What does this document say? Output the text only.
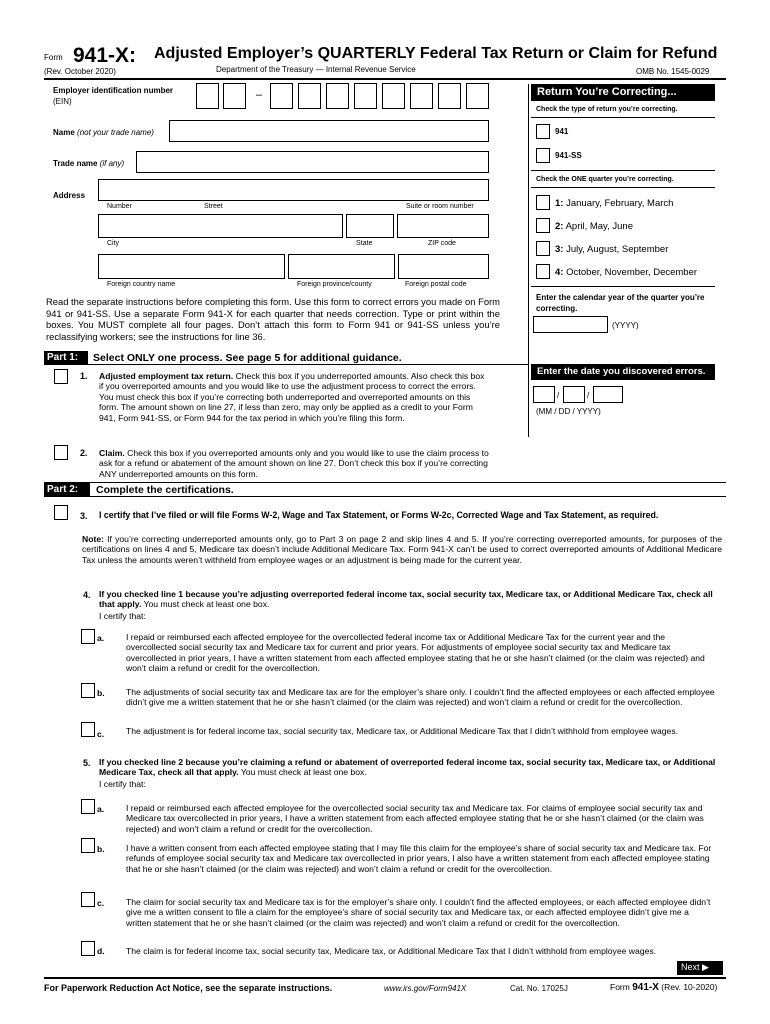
Form 941-X: Adjusted Employer’s QUARTERLY Federal Tax Return or Claim for Refund
(Rev. October 2020)	Department of the Treasury — Internal Revenue Service	OMB No. 1545-0029
Employer identification number
(EIN)
–
Name (not your trade name)
Trade name (if any)
Address
Number	Street	Suite or room number
City	State	ZIP code
Foreign country name	Foreign province/county	Foreign postal code
Read the separate instructions before completing this form. Use this form to correct errors you made on Form 941 or 941-SS. Use a separate Form 941-X for each quarter that needs correction. Type or print within the boxes. You MUST complete all four pages. Don’t attach this form to Form 941 or 941-SS unless you’re reclassifying workers; see the instructions for line 36.
Return You’re Correcting...
Check the type of return you’re correcting.
941
941-SS
Check the ONE quarter you’re correcting.
1: January, February, March
2: April, May, June
3: July, August, September
4: October, November, December
Enter the calendar year of the quarter you’re correcting.
(YYYY)
Enter the date you discovered errors.
/	/
(MM / DD / YYYY)
Part 1:	Select ONLY one process. See page 5 for additional guidance.
1. Adjusted employment tax return. Check this box if you underreported amounts. Also check this box if you overreported amounts and you would like to use the adjustment process to correct the errors. You must check this box if you’re correcting both underreported and overreported amounts on this form. The amount shown on line 27, if less than zero, may only be applied as a credit to your Form 941, Form 941-SS, or Form 944 for the tax period in which you’re filing this form.
2. Claim. Check this box if you overreported amounts only and you would like to use the claim process to ask for a refund or abatement of the amount shown on line 27. Don’t check this box if you’re correcting ANY underreported amounts on this form.
Part 2:	Complete the certifications.
3. I certify that I’ve filed or will file Forms W-2, Wage and Tax Statement, or Forms W-2c, Corrected Wage and Tax Statement, as required.
Note: If you’re correcting underreported amounts only, go to Part 3 on page 2 and skip lines 4 and 5. If you’re correcting overreported amounts, for purposes of the certifications on lines 4 and 5, Medicare tax doesn’t include Additional Medicare Tax. Form 941-X can’t be used to correct overreported amounts of Additional Medicare Tax unless the amounts weren’t withheld from employee wages or an adjustment is being made for the current year.
4. If you checked line 1 because you’re adjusting overreported federal income tax, social security tax, Medicare tax, or Additional Medicare Tax, check all that apply. You must check at least one box.
I certify that:
a.	I repaid or reimbursed each affected employee for the overcollected federal income tax or Additional Medicare Tax for the current year and the overcollected social security tax and Medicare tax for current and prior years. For adjustments of employee social security tax and Medicare tax overcollected in prior years, I have a written statement from each affected employee stating that he or she hasn’t claimed (or the claim was rejected) and won’t claim a refund or credit for the overcollection.
b. The adjustments of social security tax and Medicare tax are for the employer’s share only. I couldn’t find the affected employees or each affected employee didn’t give me a written statement that he or she hasn’t claimed (or the claim was rejected) and won’t claim a refund or credit for the overcollection.
c.	The adjustment is for federal income tax, social security tax, Medicare tax, or Additional Medicare Tax that I didn’t withhold from employee wages.
5. If you checked line 2 because you’re claiming a refund or abatement of overreported federal income tax, social security tax, Medicare tax, or Additional Medicare Tax, check all that apply. You must check at least one box.
I certify that:
a.	I repaid or reimbursed each affected employee for the overcollected social security tax and Medicare tax. For claims of employee social security tax and Medicare tax overcollected in prior years, I have a written statement from each affected employee stating that he or she hasn’t claimed (or the claim was rejected) and won’t claim a refund or credit for the overcollection.
b. I have a written consent from each affected employee stating that I may file this claim for the employee’s share of social security tax and Medicare tax. For refunds of employee social security tax and Medicare tax overcollected in prior years, I also have a written statement from each affected employee stating that he or she hasn’t claimed (or the claim was rejected) and won’t claim a refund or credit for the overcollection.
c.	The claim for social security tax and Medicare tax is for the employer’s share only. I couldn’t find the affected employees, or each affected employee didn’t give me a written consent to file a claim for the employee’s share of social security tax and Medicare tax, or each affected employee didn’t give me a written statement that he or she hasn’t claimed (or the claim was rejected) and won’t claim a refund or credit for the overcollection.
d. The claim is for federal income tax, social security tax, Medicare tax, or Additional Medicare Tax that I didn’t withhold from employee wages.
Next ▶
For Paperwork Reduction Act Notice, see the separate instructions.	www.irs.gov/Form941X	Cat. No. 17025J	Form 941-X (Rev. 10-2020)
